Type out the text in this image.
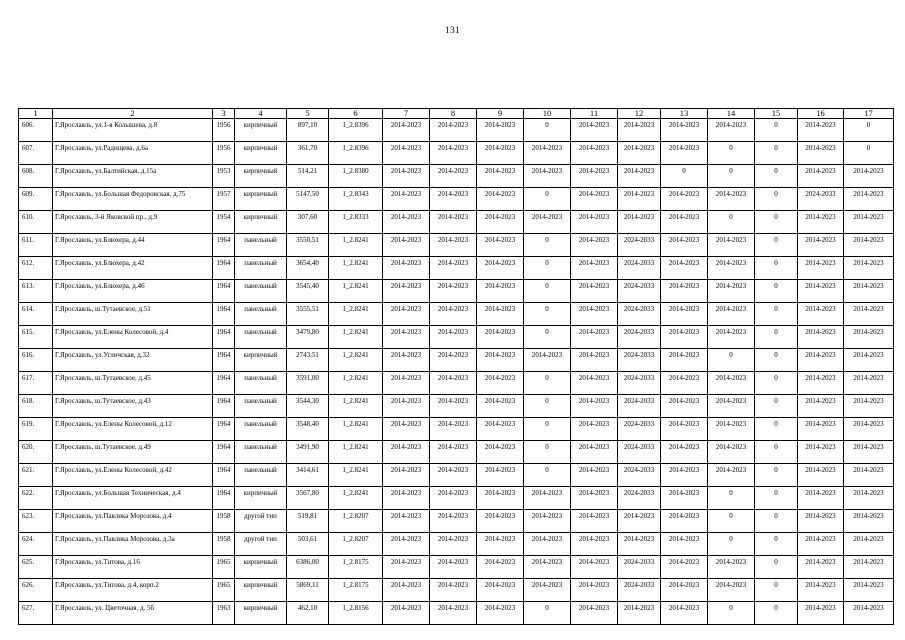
131
1	2	3	4	5	6	7	8	9	10	11	12	13	14	15	16	17
606.	Г.Ярославль, ул.1-я Колышева, д.8	1956	кирпичный	897,10	1_2.8396	2014-2023	2014-2023	2014-2023	0	2014-2023	2014-2023	2014-2023	2014-2023	0	2014-2023	0
607.	Г.Ярославль, ул.Радищева, д.6а	1956	кирпичный	361,70	1_2.8396	2014-2023	2014-2023	2014-2023	2014-2023	2014-2023	2014-2023	2014-2023	0	0	2014-2023	0
608.	Г.Ярославль, ул.Балтийская, д.15а	1953	кирпичный	514,21	1_2.8380	2014-2023	2014-2023	2014-2023	2014-2023	2014-2023	2014-2023	0	0	0	2014-2023	2014-2023
609.	Г.Ярославль, ул.Большая Федоровская, д.75	1957	кирпичный	5147,50	1_2.8343	2014-2023	2014-2023	2014-2023	0	2014-2023	2014-2023	2014-2023	2014-2023	0	2024-2033	2014-2023
610.	Г.Ярославль, 3-й Яковской пр., д.9	1954	кирпичный	307,60	1_2.8333	2014-2023	2014-2023	2014-2023	2014-2023	2014-2023	2014-2023	2014-2023	0	0	2014-2023	2014-2023
611.	Г.Ярославль, ул.Блюхера, д.44	1964	панельный	3550,51	1_2.8241	2014-2023	2014-2023	2014-2023	0	2014-2023	2024-2033	2014-2023	2014-2023	0	2014-2023	2014-2023
612.	Г.Ярославль, ул.Блюхера, д.42	1964	панельный	3654,40	1_2.8241	2014-2023	2014-2023	2014-2023	0	2014-2023	2024-2033	2014-2023	2014-2023	0	2014-2023	2014-2023
613.	Г.Ярославль, ул.Блюхера, д.46	1964	панельный	3545,40	1_2.8241	2014-2023	2014-2023	2014-2023	0	2014-2023	2024-2033	2014-2023	2014-2023	0	2014-2023	2014-2023
614.	Г.Ярославль, ш.Тутаевское, д.51	1964	панельный	3555,51	1_2.8241	2014-2023	2014-2023	2014-2023	0	2014-2023	2024-2033	2014-2023	2014-2023	0	2014-2023	2014-2023
615.	Г.Ярославль, ул.Елены Колесовой, д.4	1964	панельный	3479,80	1_2.8241	2014-2023	2014-2023	2014-2023	0	2014-2023	2024-2033	2014-2023	2014-2023	0	2014-2023	2014-2023
616.	Г.Ярославль, ул.Угличская, д.32	1964	кирпичный	2743,51	1_2.8241	2014-2023	2014-2023	2014-2023	2014-2023	2014-2023	2024-2033	2014-2023	0	0	2014-2023	2014-2023
617.	Г.Ярославль, ш.Тутаевское, д.45	1964	панельный	3591,00	1_2.8241	2014-2023	2014-2023	2014-2023	0	2014-2023	2024-2033	2014-2023	2014-2023	0	2014-2023	2014-2023
618.	Г.Ярославль, ш.Тутаевское, д.43	1964	панельный	3544,30	1_2.8241	2014-2023	2014-2023	2014-2023	0	2014-2023	2024-2033	2014-2023	2014-2023	0	2014-2023	2014-2023
619.	Г.Ярославль, ул.Елены Колесовой, д.12	1964	панельный	3548,40	1_2.8241	2014-2023	2014-2023	2014-2023	0	2014-2023	2024-2033	2014-2023	2014-2023	0	2014-2023	2014-2023
620.	Г.Ярославль, ш.Тутаевское, д.49	1964	панельный	3491,90	1_2.8241	2014-2023	2014-2023	2014-2023	0	2014-2023	2024-2033	2014-2023	2014-2023	0	2014-2023	2014-2023
621.	Г.Ярославль, ул.Елены Колесовой, д.42	1964	панельный	3414,61	1_2.8241	2014-2023	2014-2023	2014-2023	0	2014-2023	2024-2033	2014-2023	2014-2023	0	2014-2023	2014-2023
622.	Г.Ярославль, ул.Большая Техническая, д.4	1964	кирпичный	3567,80	1_2.8241	2014-2023	2014-2023	2014-2023	2014-2023	2014-2023	2024-2033	2014-2023	0	0	2014-2023	2014-2023
623.	Г.Ярославль, ул.Павлика Морозова, д.4	1958	другой тип	519,81	1_2.8207	2014-2023	2014-2023	2014-2023	2014-2023	2014-2023	2014-2023	2014-2023	0	0	2014-2023	2014-2023
624.	Г.Ярославль, ул.Павлика Морозова, д.3а	1958	другой тип	503,61	1_2.8207	2014-2023	2014-2023	2014-2023	2014-2023	2014-2023	2014-2023	2014-2023	0	0	2014-2023	2014-2023
625.	Г.Ярославль, ул.Титова, д.16	1965	кирпичный	6386,00	1_2.8175	2014-2023	2014-2023	2014-2023	2014-2023	2014-2023	2024-2033	2014-2023	2014-2023	0	2014-2023	2014-2023
626.	Г.Ярославль, ул.Титова, д.4, корп.2	1965	кирпичный	5869,11	1_2.8175	2014-2023	2014-2023	2014-2023	2014-2023	2014-2023	2024-2033	2014-2023	2014-2023	0	2014-2023	2014-2023
627.	Г.Ярославль, ул. Цветочная, д. 5б	1963	кирпичный	462,10	1_2.8156	2014-2023	2014-2023	2014-2023	0	2014-2023	2014-2023	2014-2023	0	0	2014-2023	2014-2023
